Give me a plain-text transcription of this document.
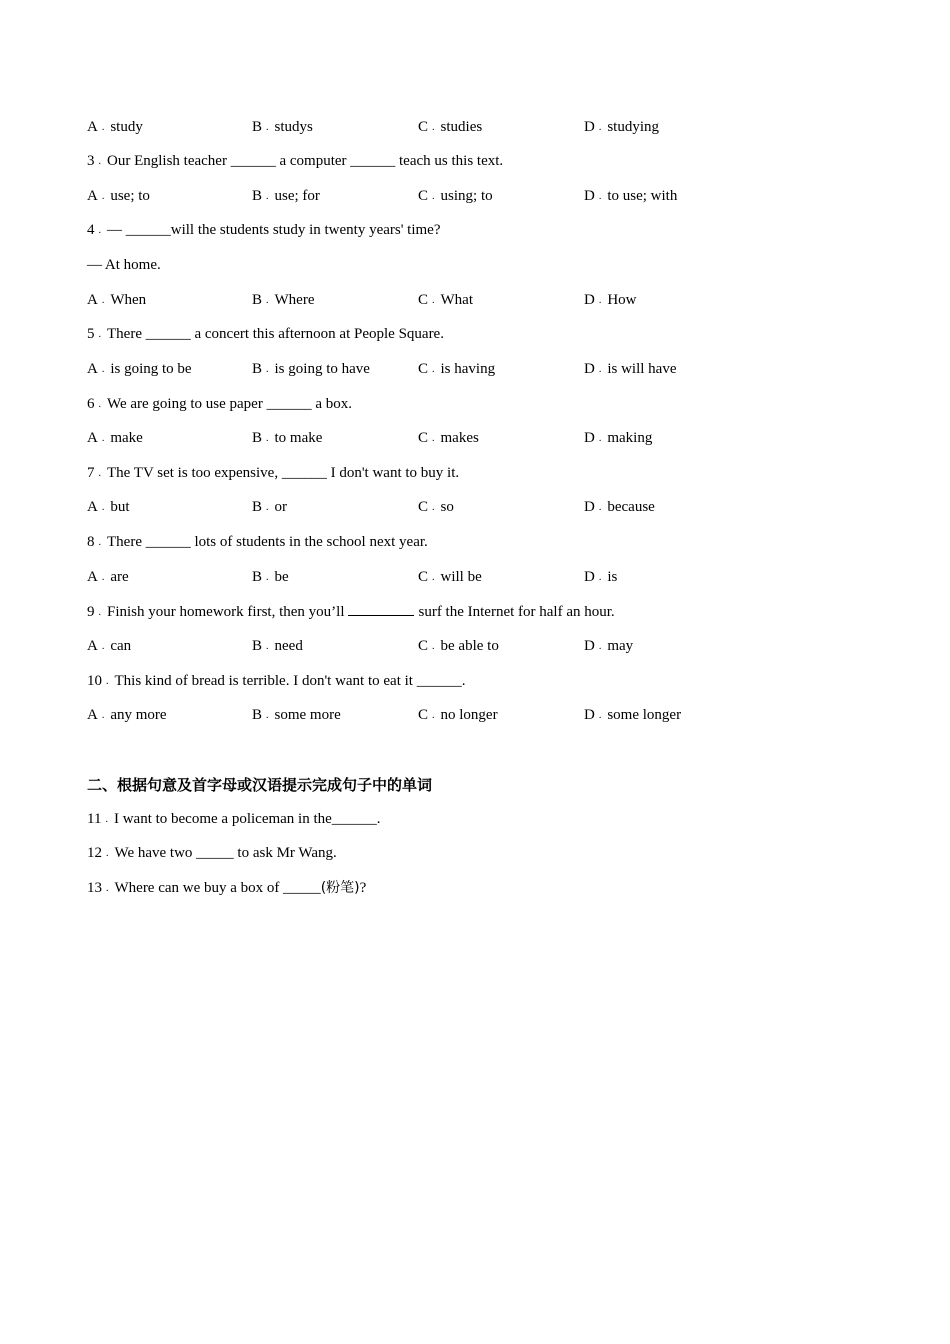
A . study	B . studys	C . studies	D . studying
3 . Our English teacher ______ a computer ______ teach us this text.
A . use; to	B . use; for	C . using; to	D . to use; with
4 . — ______will the students study in twenty years' time?
— At home.
A . When	B . Where	C . What	D . How
5 . There ______ a concert this afternoon at People Square.
A . is going to be	B . is going to have	C . is having	D . is will have
6 . We are going to use paper ______ a box.
A . make	B . to make	C . makes	D . making
7 . The TV set is too expensive, ______ I don't want to buy it.
A . but	B . or	C . so	D . because
8 . There ______ lots of students in the school next year.
A . are	B . be	C . will be	D . is
9 . Finish your homework first, then you’ll	surf the Internet for half an hour.
A . can	B . need	C . be able to	D . may
10 . This kind of bread is terrible. I don't want to eat it ______.
A . any more	B . some more	C . no longer	D . some longer
二、根据句意及首字母或汉语提示完成句子中的单词
11 . I want to become a policeman in the______.
12 . We have two _____ to ask Mr Wang.
13 . Where can we buy a box of _____(粉笔)?
